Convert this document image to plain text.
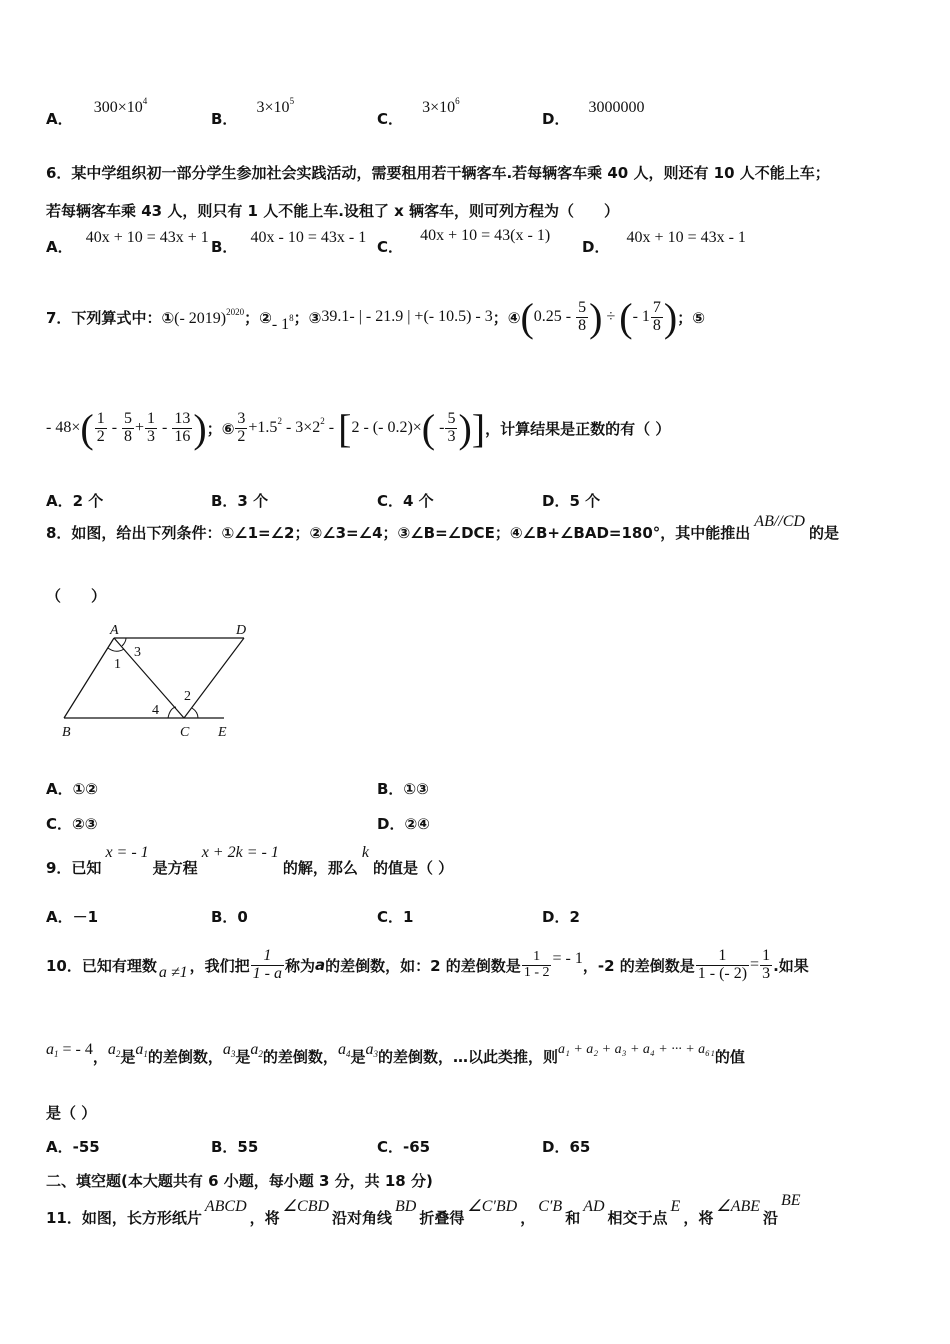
A． $300\times 10^4$
B． $3\times 10^5$
C． $3\times 10^6$
D． 3000000
6．某中学组织初一部分学生参加社会实践活动，需要租用若干辆客车.若每辆客车乘 40 人，则还有 10 人不能上车；
若每辆客车乘 43 人，则只有 1 人不能上车.设租了 x 辆客车，则可列方程为（　　）
A． 40x + 10 = 43x + 1
B． 40x - 10 = 43x - 1
C． 40x + 10 = 43(x - 1)
D． 40x + 10 = 43x - 1
7．下列算式中：① (- 2019)$^{2020}$ ；② - $1^8$ ；③ 39.1- | - 21.9 | +(- 10.5) - 3 ；④ ($0.25 - \frac{5}{8}$ ) ÷ (- $1 \frac{7}{8}$ ) ；⑤
- $48\times( \frac{1}{2} - \frac{5}{8} + \frac{1}{3} - \frac{13}{16}$ ) ；⑥ $\frac{3}{2} +1.5^2 - 3\times 2^2 - [2$ - (- $0.2)\times( - \frac{5}{3}$ )] ，计算结果是正数的有（ ）
A．2 个	B．3 个	C．4 个	D．5 个
8．如图，给出下列条件：①∠1=∠2；②∠3=∠4；③∠B=∠DCE；④∠B+∠BAD=180°，其中能推出
AB//CD
的是
（　　）
A	D
B	C E
1
3
2
4
A．①②	B．①③
C．②③	D．②④
9．已知
x = - 1
是方程
x + 2k = - 1
的解，那么
k
的值是（ ）
A．－1	B．0	C．1	D．2
10．已知有理数 a ≠1 ，我们把 $\frac{1}{1 - a}$ 称为 a 的差倒数，如：2 的差倒数是 $\frac{1}{1 - 2}$ = - 1 ，-2 的差倒数是 $\frac{1}{1 - (- 2)} = \frac{1}{3}$ .如果
$a_1$ = - 4 ， $a_2$ 是 $a_1$ 的差倒数， $a_3$ 是 $a_2$ 的差倒数， $a_4$ 是 $a_3$ 的差倒数，…以此类推，则 a₁ + a₂ + a₃ + a₄ + ··· + a₆₁ 的值
是（ ）
A．-55	B．55	C．-65	D．65
二、填空题(本大题共有 6 小题，每小题 3 分，共 18 分)
11．如图，长方形纸片
ABCD
，将
∠CBD
沿对角线
BD
折叠得
∠C′BD
，
C′B
和
AD
相交于点
E
，将
∠ABE
沿
BE
